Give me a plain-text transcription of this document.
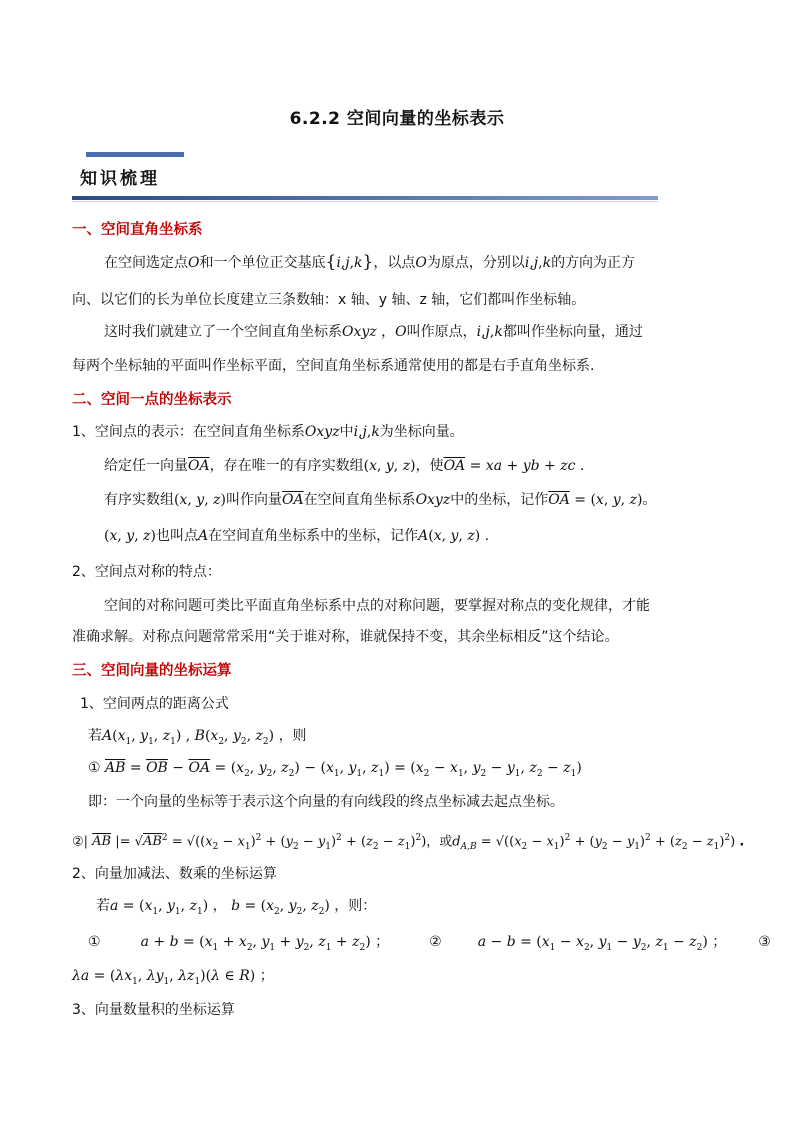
6.2.2 空间向量的坐标表示
知识梳理
一、空间直角坐标系
在空间选定点O和一个单位正交基底{i,j,k}，以点O为原点，分别以i,j,k的方向为正方
向、以它们的长为单位长度建立三条数轴：x 轴、y 轴、z 轴，它们都叫作坐标轴。
这时我们就建立了一个空间直角坐标系Oxyz ，O叫作原点，i,j,k都叫作坐标向量，通过
每两个坐标轴的平面叫作坐标平面，空间直角坐标系通常使用的都是右手直角坐标系.
二、空间一点的坐标表示
1、空间点的表示：在空间直角坐标系Oxyz中i,j,k为坐标向量。
给定任一向量$\overline{OA}$，存在唯一的有序实数组(x, y, z)，使$\overline{OA}$ = xa + yb + zc .
有序实数组(x, y, z)叫作向量$\overline{OA}$在空间直角坐标系Oxyz中的坐标，记作$\overline{OA} = (x$, y, z)。
(x, y, z)也叫点A在空间直角坐标系中的坐标，记作A(x, y, z) .
2、空间点对称的特点：
空间的对称问题可类比平面直角坐标系中点的对称问题，要掌握对称点的变化规律，才能
准确求解。对称点问题常常采用“关于谁对称，谁就保持不变，其余坐标相反”这个结论。
三、空间向量的坐标运算
1、空间两点的距离公式
若$A(x_1$, $y_1$, $z_1$) , $B(x_2$, $y_2$, $z_2$) ，则
① $\overline{AB} = \overline{OB} - \overline{OA} = (x_2$, $y_2$, $z_2) - (x_1$, $y_1$, $z_1) = (x_2 - x_1$, $y_2 - y_1$, $z_2 - z_1$)
即：一个向量的坐标等于表示这个向量的有向线段的终点坐标减去起点坐标。
②| $\overline{AB}$ |= $√AB^2 = √((x_2 - x_1)^2 + (y_2 - y_1)^2 + (z_2 - z_1)^2)$，或$d_{A,B} = √((x_2 - x_1)^2 + (y_2 - y_1)^2 + (z_2 - z_1)^2)$ .
2、向量加减法、数乘的坐标运算
若$a = (x_1$, $y_1$, $z_1$) ， $b = (x_2$, $y_2$, $z_2$) ，则：
①	$a + b = (x_1 + x_2$, $y_1 + y_2$, $z_1 + z_2$) ；	②	$a - b = (x_1 - x_2$, $y_1 - y_2$, $z_1 - z_2$) ； ③
$\lambda a = (\lambda x_1$, $\lambda y_1$, $\lambda z_1)(\lambda$ ∈ R) ；
3、向量数量积的坐标运算
